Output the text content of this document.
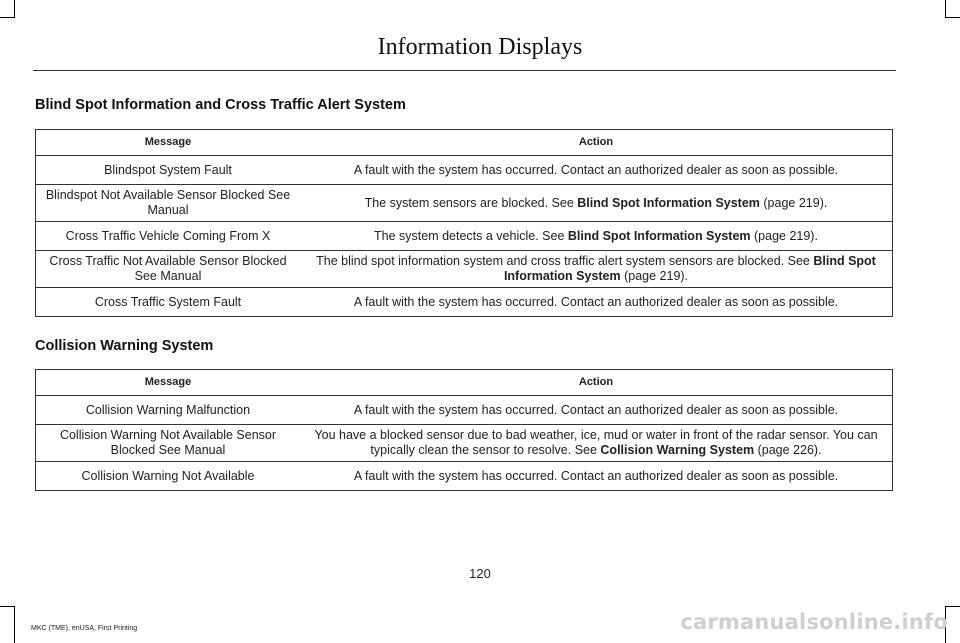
Information Displays
Blind Spot Information and Cross Traffic Alert System
Message	Action
Blindspot System Fault	A fault with the system has occurred. Contact an authorized dealer as soon as possible.
Blindspot Not Available Sensor Blocked See Manual	The system sensors are blocked. See Blind Spot Information System (page 219).
Cross Traffic Vehicle Coming From X	The system detects a vehicle. See Blind Spot Information System (page 219).
Cross Traffic Not Available Sensor Blocked See Manual	The blind spot information system and cross traffic alert system sensors are blocked. See Blind Spot Information System (page 219).
Cross Traffic System Fault	A fault with the system has occurred. Contact an authorized dealer as soon as possible.
Collision Warning System
Message	Action
Collision Warning Malfunction	A fault with the system has occurred. Contact an authorized dealer as soon as possible.
Collision Warning Not Available Sensor Blocked See Manual	You have a blocked sensor due to bad weather, ice, mud or water in front of the radar sensor. You can typically clean the sensor to resolve. See Collision Warning System (page 226).
Collision Warning Not Available	A fault with the system has occurred. Contact an authorized dealer as soon as possible.
120
MKC (TME), enUSA, First Printing	carmanualsonline.info
